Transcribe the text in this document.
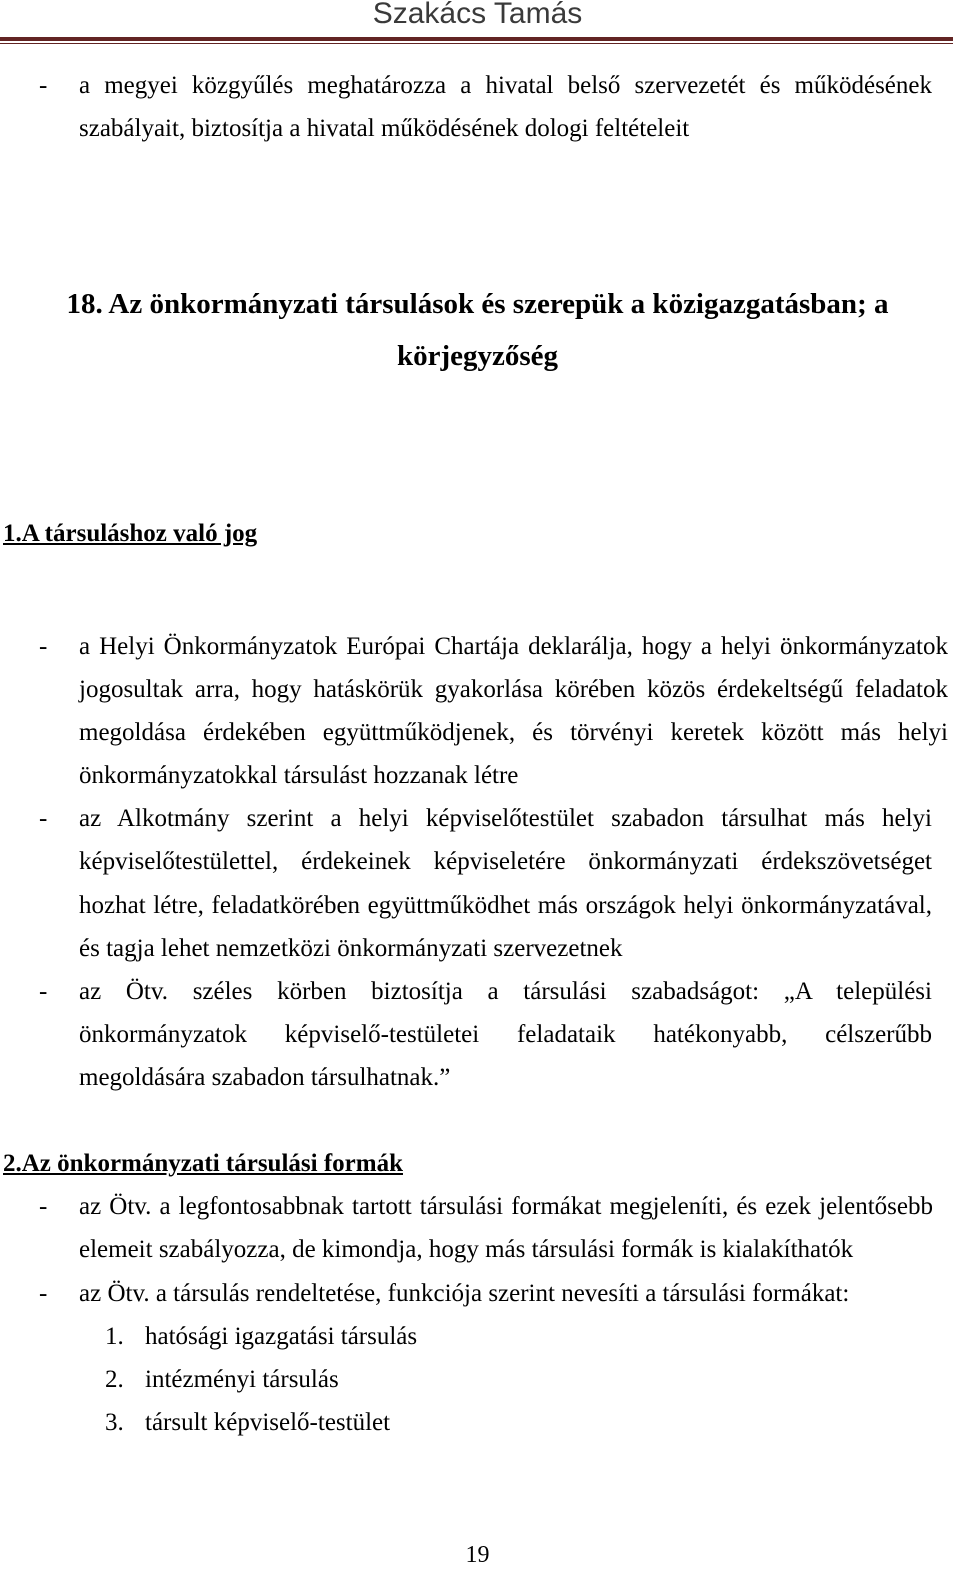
Szakács Tamás
- a megyei közgyűlés meghatározza a hivatal belső szervezetét és működésének
szabályait, biztosítja a hivatal működésének dologi feltételeit
18. Az önkormányzati társulások és szerepük a közigazgatásban; a
körjegyzőség
1.A társuláshoz való jog
- a Helyi Önkormányzatok Európai Chartája deklarálja, hogy a helyi önkormányzatok
jogosultak arra, hogy hatáskörük gyakorlása körében közös érdekeltségű feladatok
megoldása érdekében együttműködjenek, és törvényi keretek között más helyi
önkormányzatokkal társulást hozzanak létre
- az Alkotmány szerint a helyi képviselőtestület szabadon társulhat más helyi
képviselőtestülettel, érdekeinek képviseletére önkormányzati érdekszövetséget
hozhat létre, feladatkörében együttműködhet más országok helyi önkormányzatával,
és tagja lehet nemzetközi önkormányzati szervezetnek
- az Ötv. széles körben biztosítja a társulási szabadságot: „A települési
önkormányzatok képviselő-testületei feladataik hatékonyabb, célszerűbb
megoldására szabadon társulhatnak.”
2.Az önkormányzati társulási formák
- az Ötv. a legfontosabbnak tartott társulási formákat megjeleníti, és ezek jelentősebb
elemeit szabályozza, de kimondja, hogy más társulási formák is kialakíthatók
- az Ötv. a társulás rendeltetése, funkciója szerint nevesíti a társulási formákat:
1. hatósági igazgatási társulás
2. intézményi társulás
3. társult képviselő-testület
19
